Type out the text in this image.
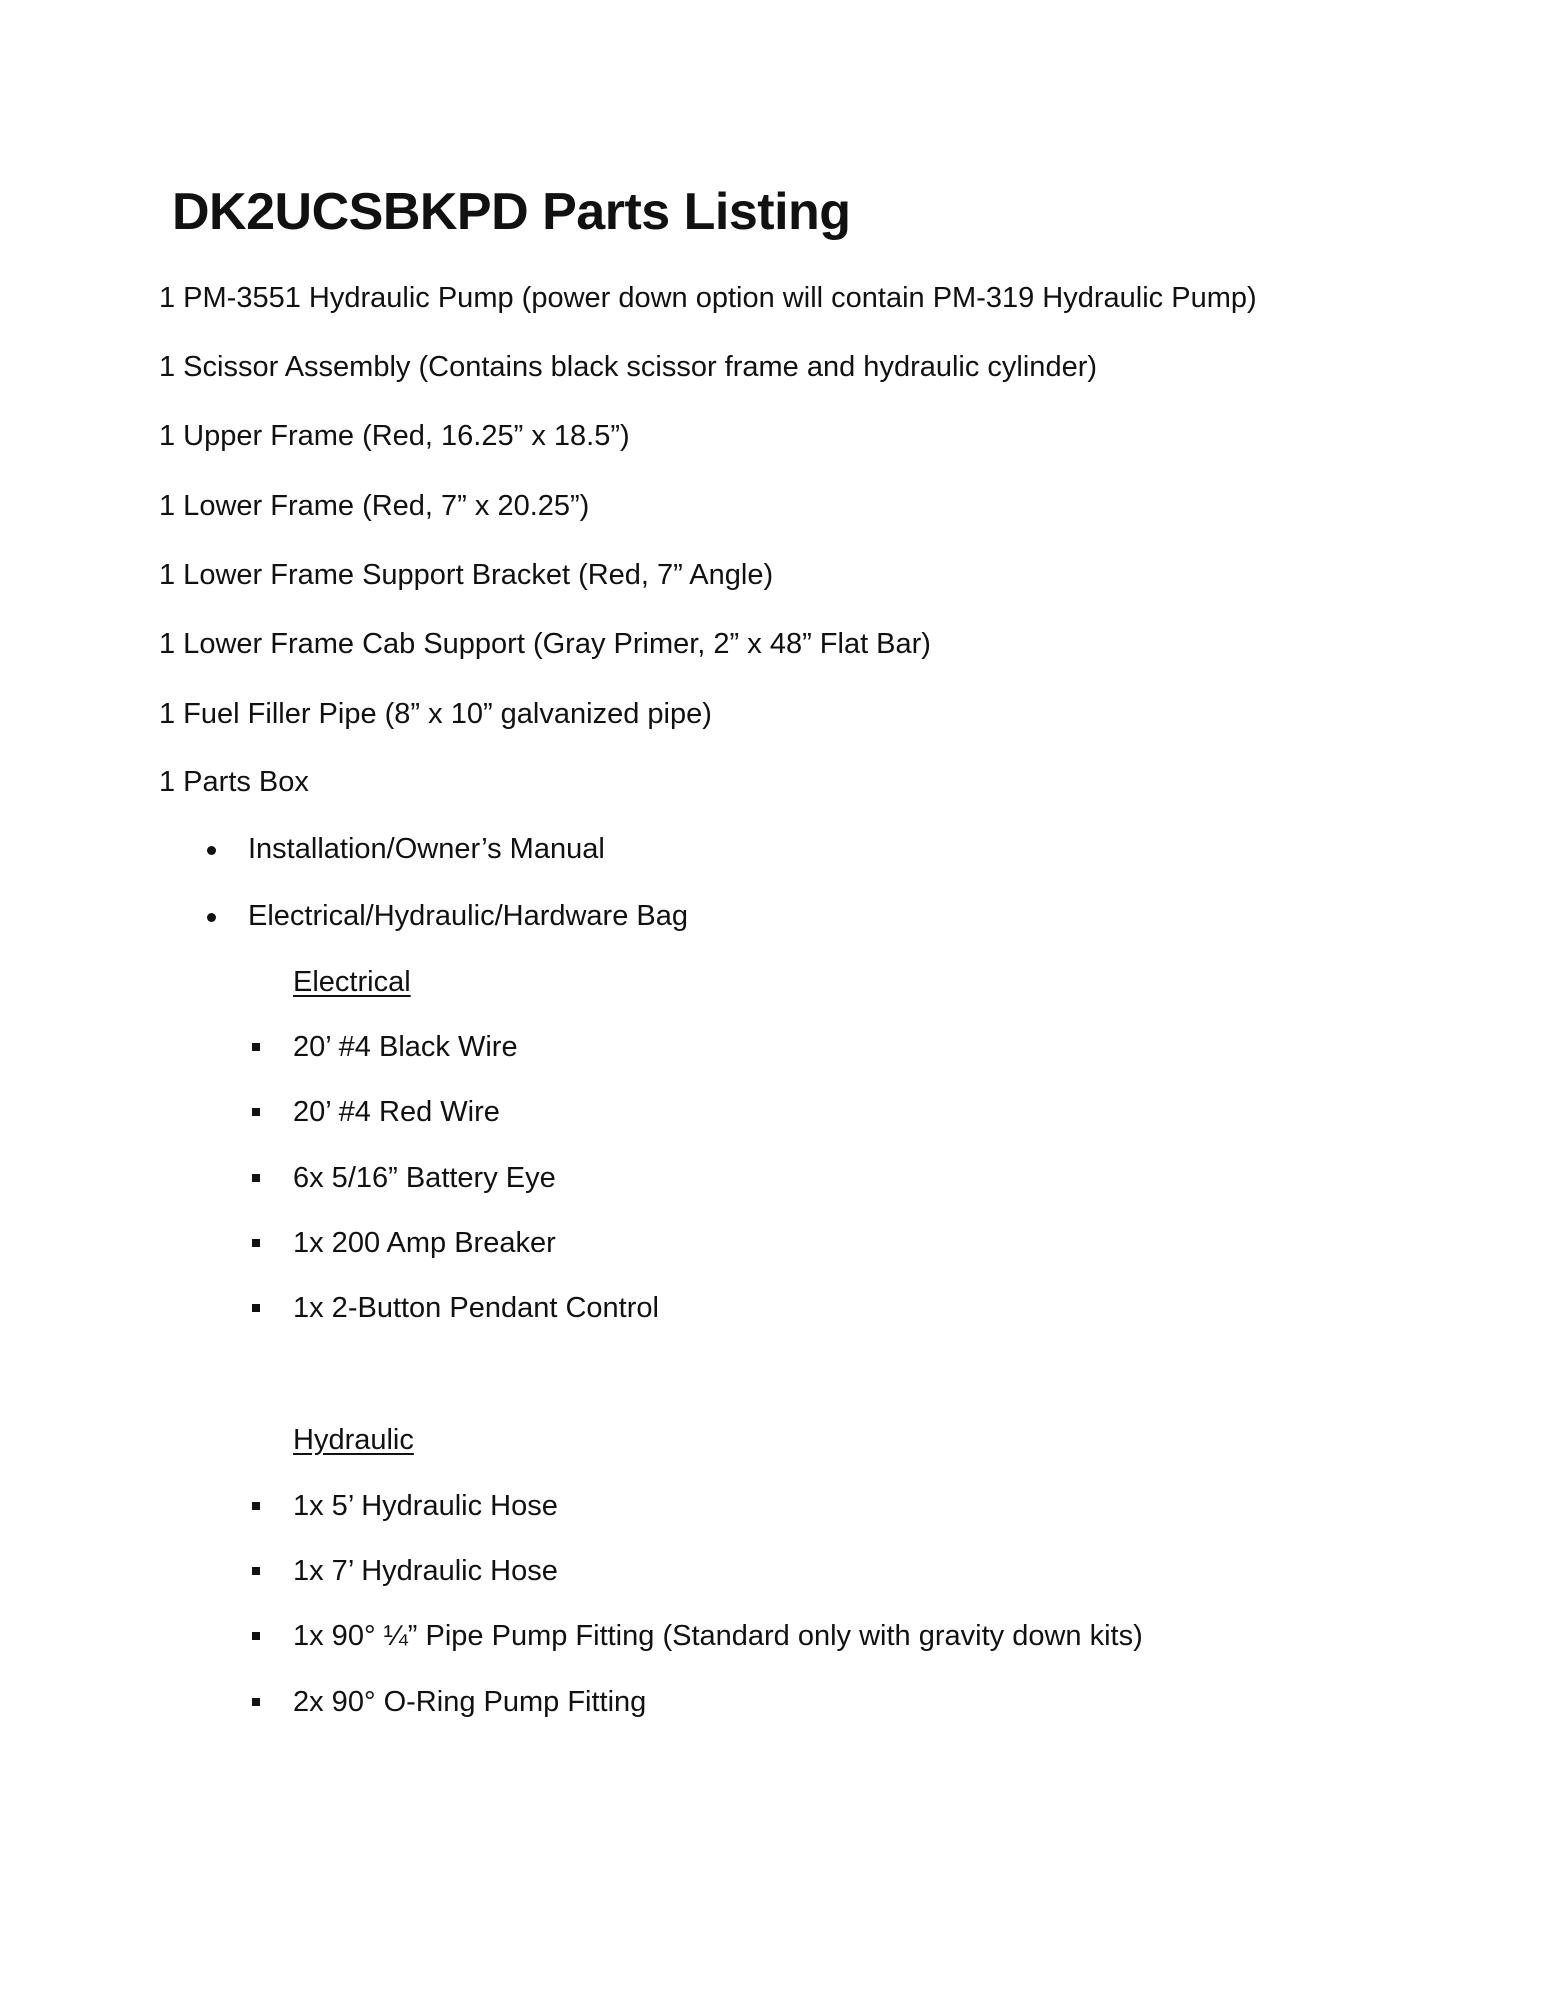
DK2UCSBKPD Parts Listing
1 PM-3551 Hydraulic Pump (power down option will contain PM-319 Hydraulic Pump)
1 Scissor Assembly (Contains black scissor frame and hydraulic cylinder)
1 Upper Frame (Red, 16.25” x 18.5”)
1 Lower Frame (Red, 7” x 20.25”)
1 Lower Frame Support Bracket (Red, 7” Angle)
1 Lower Frame Cab Support (Gray Primer, 2” x 48” Flat Bar)
1 Fuel Filler Pipe (8” x 10” galvanized pipe)
1 Parts Box
Installation/Owner’s Manual
Electrical/Hydraulic/Hardware Bag
Electrical
20’ #4 Black Wire
20’ #4 Red Wire
6x 5/16” Battery Eye
1x 200 Amp Breaker
1x 2-Button Pendant Control
Hydraulic
1x 5’ Hydraulic Hose
1x 7’ Hydraulic Hose
1x 90° ¼” Pipe Pump Fitting (Standard only with gravity down kits)
2x 90° O-Ring Pump Fitting
